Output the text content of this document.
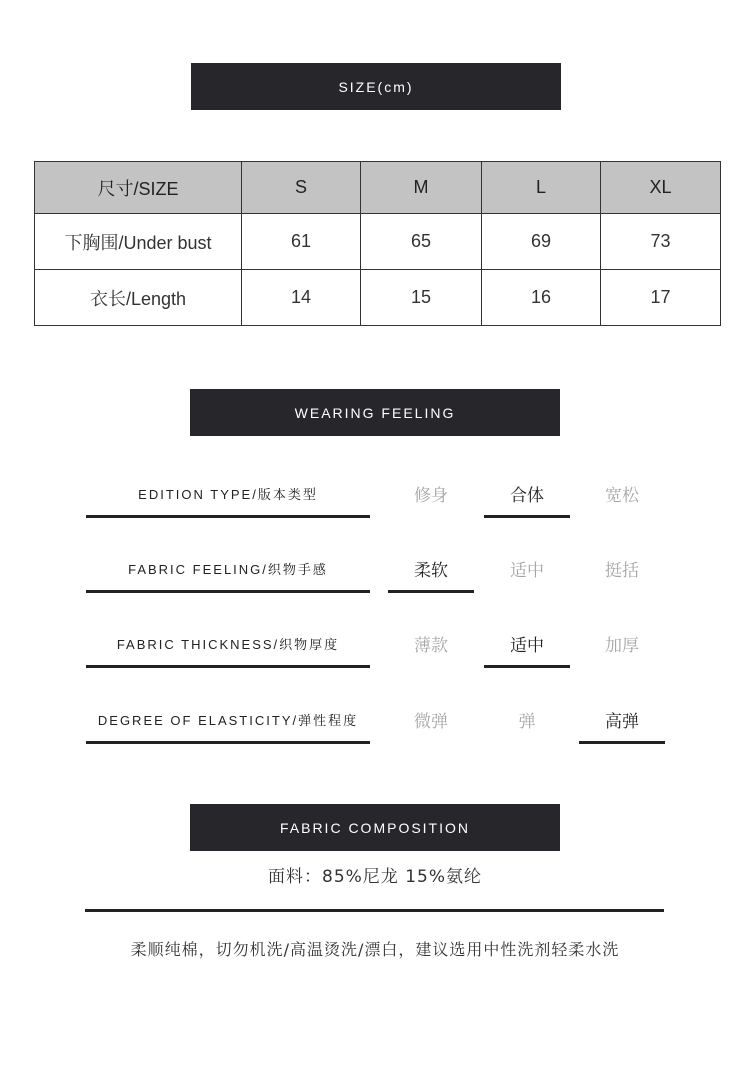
SIZE(cm)
尺寸/SIZE	S	M	L	XL
下胸围/Under bust	61	65	69	73
衣长/Length	14	15	16	17
WEARING FEELING
EDITION TYPE/版本类型	修身	合体	宽松
FABRIC FEELING/织物手感	柔软	适中	挺括
FABRIC THICKNESS/织物厚度	薄款	适中	加厚
DEGREE OF ELASTICITY/弹性程度	微弹	弹	高弹
FABRIC COMPOSITION
面料：85%尼龙 15%氨纶
柔顺纯棉，切勿机洗/高温烫洗/漂白，建议选用中性洗剂轻柔水洗
